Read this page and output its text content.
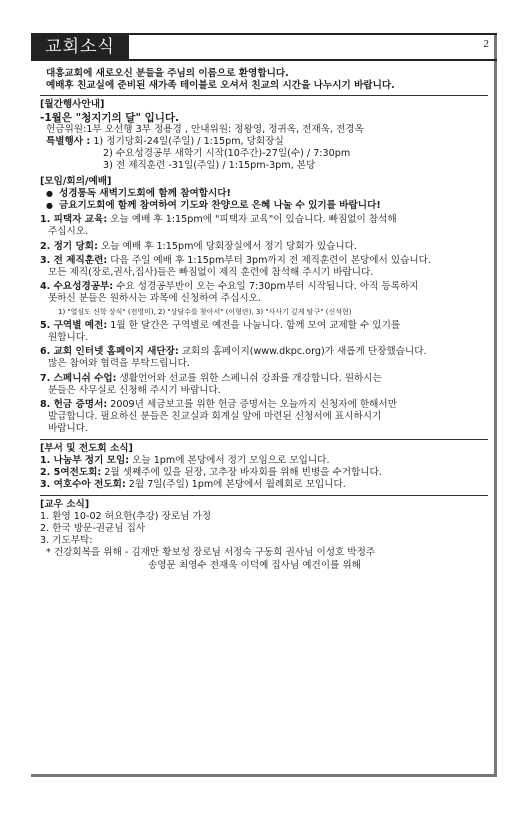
교회소식	2
대흥교회에 새로오신 분들을 주님의 이름으로 환영합니다.
예배후 친교실에 준비된 새가족 테이블로 오셔서 친교의 시간을 나누시기 바랍니다.
[월간행사안내]
-1월은 "청지기의 달" 입니다.
헌금위원:1부 오선행 3부 정용경 , 안내위원: 정왕영, 정귀옥, 전재욱, 전경옥
특별행사 : 1) 정기당회-24일(주일) / 1:15pm, 당회장실
2) 수요성경공부 새학기 시작(10주간)-27일(수) / 7:30pm
3) 전 제직훈련 -31일(주일) / 1:15pm-3pm, 본당
[모임/회의/예배]
● 성경통독 새벽기도회에 함께 참여합시다!
● 금요기도회에 함께 참여하여 기도와 찬양으로 은혜 나눌 수 있기를 바랍니다!
1. 피택자 교육: 오늘 예배 후 1:15pm에 "피택자 교육"이 있습니다. 빠짐없이 참석해
주십시오.
2. 정기 당회: 오늘 예배 후 1:15pm에 당회장실에서 정기 당회가 있습니다.
3. 전 제직훈련: 다음 주일 예배 후 1:15pm부터 3pm까지 전 제직훈련이 본당에서 있습니다.
모든 제직(장로,권사,집사)들은 빠짐없이 제직 훈련에 참석해 주시기 바랍니다.
4. 수요성경공부: 수요 성경공부반이 오는 수요일 7:30pm부터 시작됩니다. 아직 등록하지
못하신 분들은 원하시는 과목에 신청하여 주십시오.
1) "열심도 신학 상식" (전영미), 2) "상담수를 찾아서" (이형란), 3) "사사기 깊게 탐구" (신석현)
5. 구역별 예전: 1월 한 달간은 구역별로 예전을 나눕니다. 함께 모여 교제할 수 있기를
원합니다.
6. 교회 인터넷 홈페이지 새단장: 교회의 홈페이지(www.dkpc.org)가 새롭게 단장했습니다.
많은 참여와 협력을 부탁드립니다.
7. 스페니쉬 수업: 생활언어와 선교를 위한 스페니쉬 강좌를 개강합니다. 원하시는
분들은 사무실로 신청해 주시기 바랍니다.
8. 헌금 증명서: 2009년 세금보고를 위한 헌금 증명서는 오늘까지 신청자에 한해서만
발급합니다. 필요하신 분들은 친교실과 회계실 앞에 마련된 신청서에 표시하시기
바랍니다.
[부서 및 전도회 소식]
1. 나눔부 정기 모임: 오늘 1pm에 본당에서 정기 모임으로 모입니다.
2. 5여전도회: 2월 셋째주에 있을 된장, 고추장 바자회를 위해 빈병을 수거합니다.
3. 여호수아 전도회: 2월 7일(주일) 1pm에 본당에서 월례회로 모입니다.
[교우 소식]
1. 환영 10-02 허요한(추강) 장로님 가정
2. 한국 방문-권균님 집사
3. 기도부탁:
* 건강회복을 위해 - 김재만 황보성 장로님 서정숙 구동희 권사님 이성호 박정주
송영문 최영수 전재욱 이덕예 집사님 예건이를 위해
